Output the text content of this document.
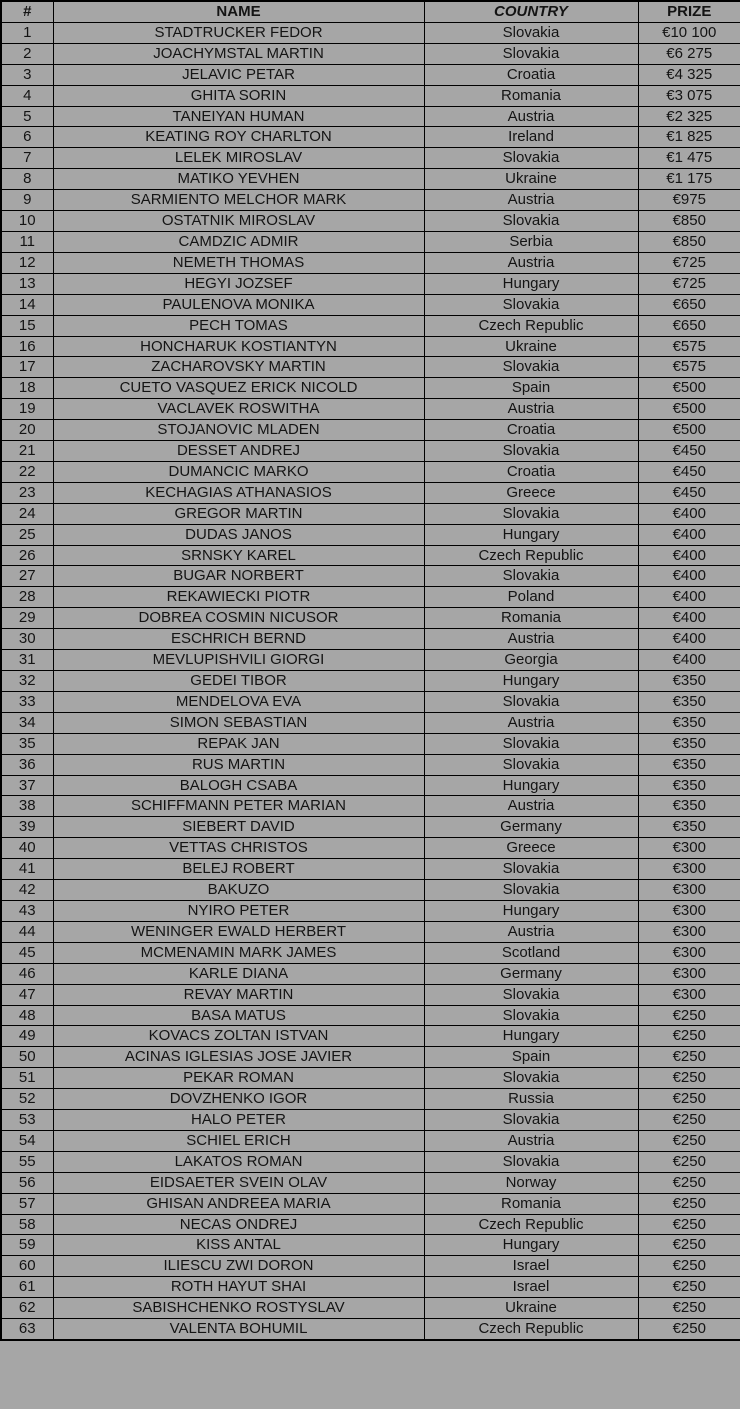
#	NAME	COUNTRY	PRIZE
1	STADTRUCKER FEDOR	Slovakia	€10 100
2	JOACHYMSTAL MARTIN	Slovakia	€6 275
3	JELAVIC PETAR	Croatia	€4 325
4	GHITA SORIN	Romania	€3 075
5	TANEIYAN HUMAN	Austria	€2 325
6	KEATING ROY CHARLTON	Ireland	€1 825
7	LELEK MIROSLAV	Slovakia	€1 475
8	MATIKO YEVHEN	Ukraine	€1 175
9	SARMIENTO MELCHOR MARK	Austria	€975
10	OSTATNIK MIROSLAV	Slovakia	€850
11	CAMDZIC ADMIR	Serbia	€850
12	NEMETH THOMAS	Austria	€725
13	HEGYI JOZSEF	Hungary	€725
14	PAULENOVA MONIKA	Slovakia	€650
15	PECH TOMAS	Czech Republic	€650
16	HONCHARUK KOSTIANTYN	Ukraine	€575
17	ZACHAROVSKY MARTIN	Slovakia	€575
18	CUETO VASQUEZ ERICK NICOLD	Spain	€500
19	VACLAVEK ROSWITHA	Austria	€500
20	STOJANOVIC MLADEN	Croatia	€500
21	DESSET ANDREJ	Slovakia	€450
22	DUMANCIC MARKO	Croatia	€450
23	KECHAGIAS ATHANASIOS	Greece	€450
24	GREGOR MARTIN	Slovakia	€400
25	DUDAS JANOS	Hungary	€400
26	SRNSKY KAREL	Czech Republic	€400
27	BUGAR NORBERT	Slovakia	€400
28	REKAWIECKI PIOTR	Poland	€400
29	DOBREA COSMIN NICUSOR	Romania	€400
30	ESCHRICH BERND	Austria	€400
31	MEVLUPISHVILI GIORGI	Georgia	€400
32	GEDEI TIBOR	Hungary	€350
33	MENDELOVA EVA	Slovakia	€350
34	SIMON SEBASTIAN	Austria	€350
35	REPAK JAN	Slovakia	€350
36	RUS MARTIN	Slovakia	€350
37	BALOGH CSABA	Hungary	€350
38	SCHIFFMANN PETER MARIAN	Austria	€350
39	SIEBERT DAVID	Germany	€350
40	VETTAS CHRISTOS	Greece	€300
41	BELEJ ROBERT	Slovakia	€300
42	BAKUZO	Slovakia	€300
43	NYIRO PETER	Hungary	€300
44	WENINGER EWALD HERBERT	Austria	€300
45	MCMENAMIN MARK JAMES	Scotland	€300
46	KARLE DIANA	Germany	€300
47	REVAY MARTIN	Slovakia	€300
48	BASA MATUS	Slovakia	€250
49	KOVACS ZOLTAN ISTVAN	Hungary	€250
50	ACINAS IGLESIAS JOSE JAVIER	Spain	€250
51	PEKAR ROMAN	Slovakia	€250
52	DOVZHENKO IGOR	Russia	€250
53	HALO PETER	Slovakia	€250
54	SCHIEL ERICH	Austria	€250
55	LAKATOS ROMAN	Slovakia	€250
56	EIDSAETER SVEIN OLAV	Norway	€250
57	GHISAN ANDREEA MARIA	Romania	€250
58	NECAS ONDREJ	Czech Republic	€250
59	KISS ANTAL	Hungary	€250
60	ILIESCU ZWI DORON	Israel	€250
61	ROTH HAYUT SHAI	Israel	€250
62	SABISHCHENKO ROSTYSLAV	Ukraine	€250
63	VALENTA BOHUMIL	Czech Republic	€250
